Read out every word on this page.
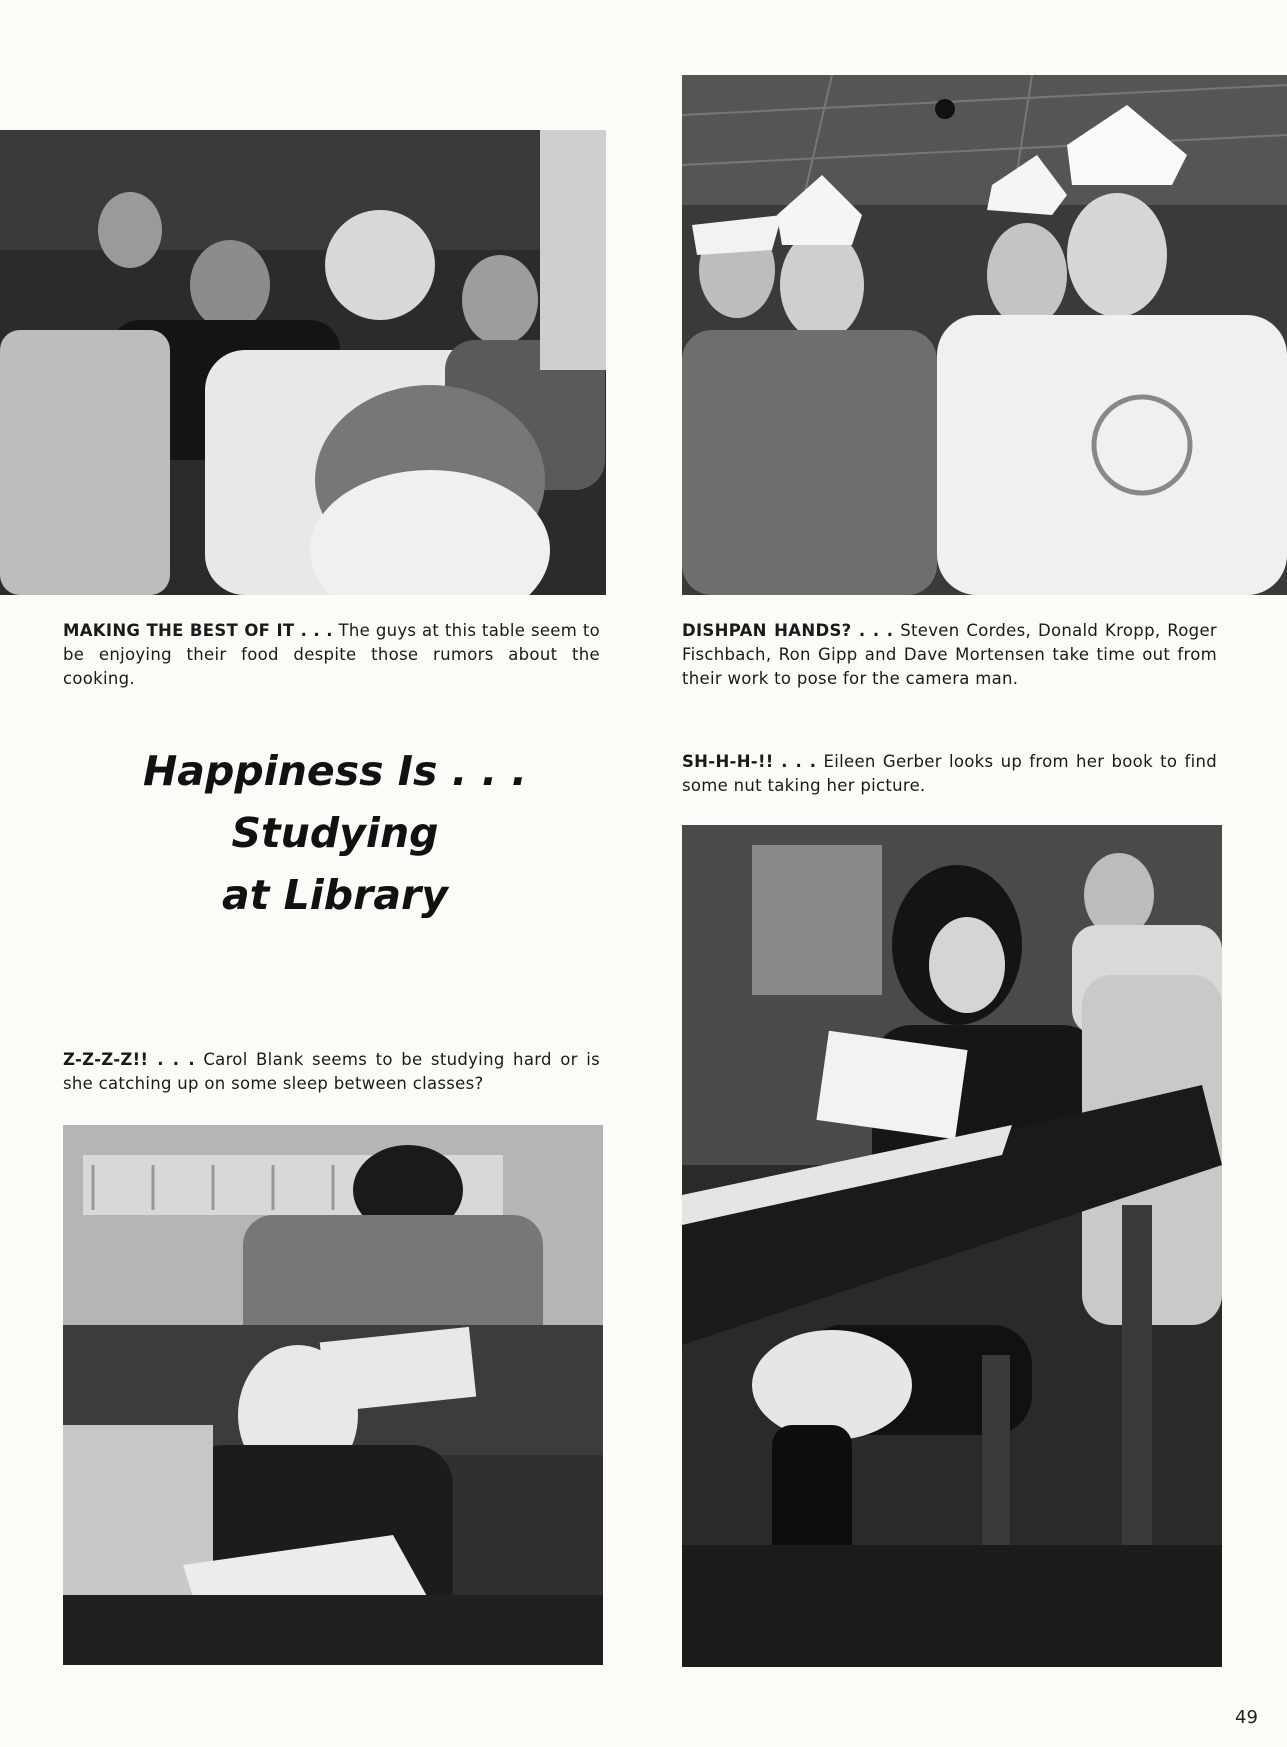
MAKING THE BEST OF IT . . . The guys at this table seem to be enjoying their food despite those rumors about the cooking.

DISHPAN HANDS? . . . Steven Cordes, Donald Kropp, Roger Fischbach, Ron Gipp and Dave Mortensen take time out from their work to pose for the camera man.

SH-H-H-!! . . . Eileen Gerber looks up from her book to find some nut taking her picture.

Z-Z-Z-Z!! . . . Carol Blank seems to be studying hard or is she catching up on some sleep between classes?

Happiness Is . . .
Studying
at Library
49
